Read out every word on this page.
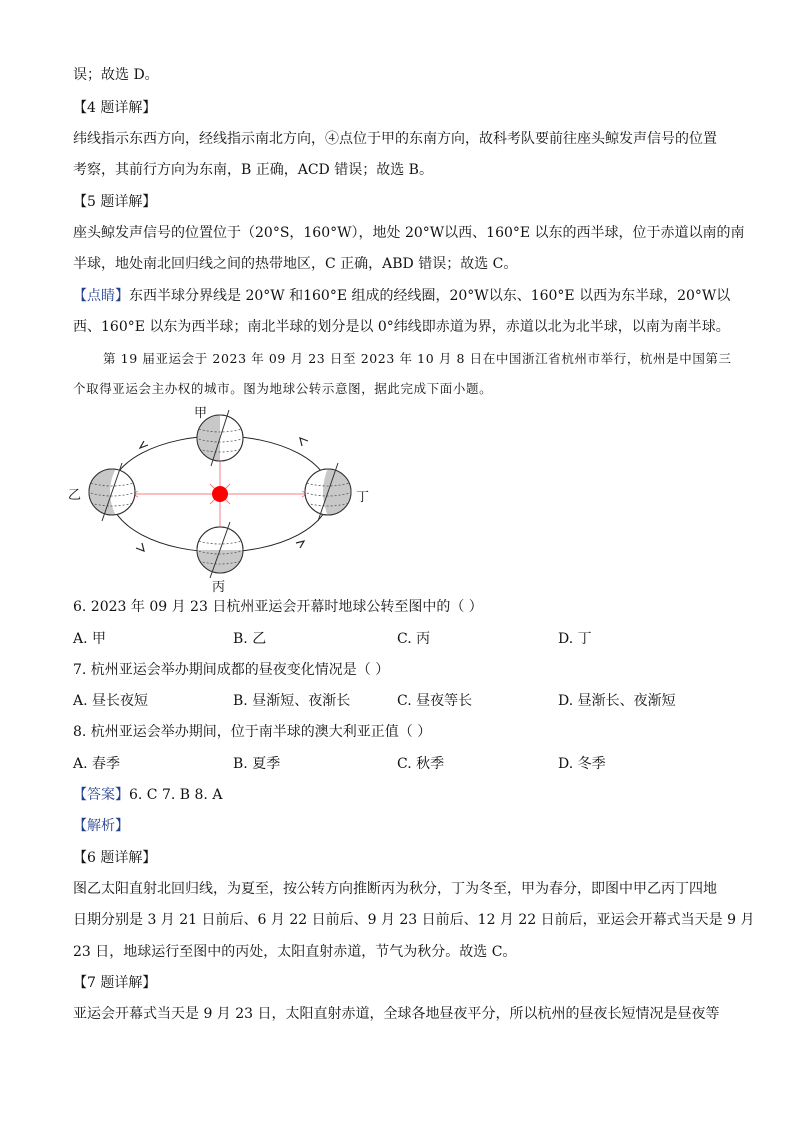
误；故选 D。
【4 题详解】
纬线指示东西方向，经线指示南北方向，④点位于甲的东南方向，故科考队要前往座头鲸发声信号的位置
考察，其前行方向为东南，B 正确，ACD 错误；故选 B。
【5 题详解】
座头鲸发声信号的位置位于（20°S，160°W），地处 20°W以西、160°E 以东的西半球，位于赤道以南的南
半球，地处南北回归线之间的热带地区，C 正确，ABD 错误；故选 C。
【点睛】东西半球分界线是 20°W 和160°E 组成的经线圈，20°W以东、160°E 以西为东半球，20°W以
西、160°E 以东为西半球；南北半球的划分是以 0°纬线即赤道为界，赤道以北为北半球，以南为南半球。
第 19 届亚运会于 2023 年 09 月 23 日至 2023 年 10 月 8 日在中国浙江省杭州市举行，杭州是中国第三
个取得亚运会主办权的城市。图为地球公转示意图，据此完成下面小题。
甲
乙
丙
丁
6. 2023 年 09 月 23 日杭州亚运会开幕时地球公转至图中的（ ）
A. 甲	B. 乙	C. 丙	D. 丁
7. 杭州亚运会举办期间成都的昼夜变化情况是（ ）
A. 昼长夜短	B. 昼渐短、夜渐长	C. 昼夜等长	D. 昼渐长、夜渐短
8. 杭州亚运会举办期间，位于南半球的澳大利亚正值（ ）
A. 春季	B. 夏季	C. 秋季	D. 冬季
【答案】6. C 7. B 8. A
【解析】
【6 题详解】
图乙太阳直射北回归线，为夏至，按公转方向推断丙为秋分，丁为冬至，甲为春分，即图中甲乙丙丁四地
日期分别是 3 月 21 日前后、6 月 22 日前后、9 月 23 日前后、12 月 22 日前后，亚运会开幕式当天是 9 月
23 日，地球运行至图中的丙处，太阳直射赤道，节气为秋分。故选 C。
【7 题详解】
亚运会开幕式当天是 9 月 23 日，太阳直射赤道，全球各地昼夜平分，所以杭州的昼夜长短情况是昼夜等
